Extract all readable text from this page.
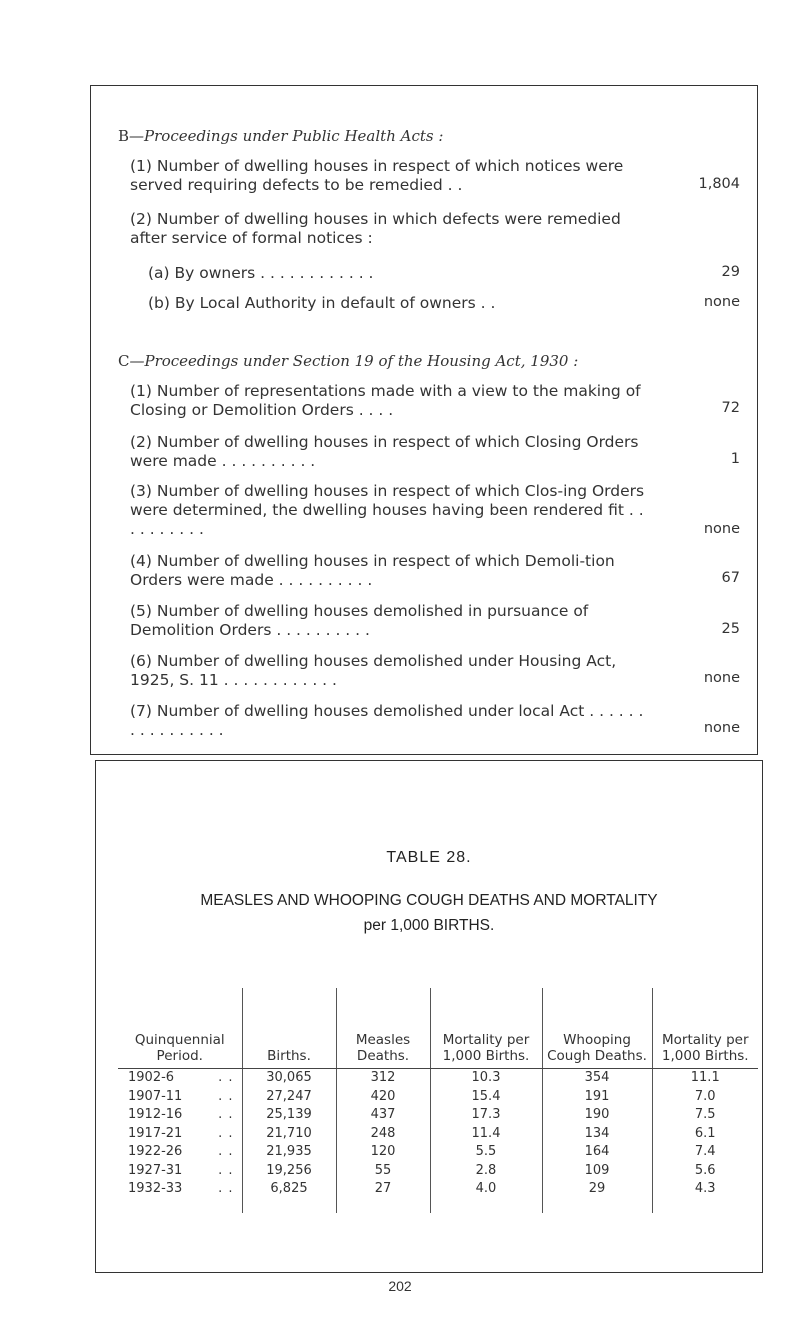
B—Proceedings under Public Health Acts :
(1) Number of dwelling houses in respect of which notices were served requiring defects to be remedied . .	1,804
(2) Number of dwelling houses in which defects were remedied after service of formal notices :
(a) By owners . . . . . . . . . . . .	29
(b) By Local Authority in default of owners . .	none
C—Proceedings under Section 19 of the Housing Act, 1930 :
(1) Number of representations made with a view to the making of Closing or Demolition Orders . . . .	72
(2) Number of dwelling houses in respect of which Closing Orders were made . . . . . . . . . .	1
(3) Number of dwelling houses in respect of which Clos-ing Orders were determined, the dwelling houses having been rendered fit . . . . . . . . . .	none
(4) Number of dwelling houses in respect of which Demoli-tion Orders were made . . . . . . . . . .	67
(5) Number of dwelling houses demolished in pursuance of Demolition Orders . . . . . . . . . .	25
(6) Number of dwelling houses demolished under Housing Act, 1925, S. 11 . . . . . . . . . . . .	none
(7) Number of dwelling houses demolished under local Act . . . . . . . . . . . . . . . .	none
TABLE 28.
MEASLES AND WHOOPING COUGH DEATHS AND MORTALITY
per 1,000 BIRTHS.
Quinquennial Period.	Births.	Measles Deaths.	Mortality per 1,000 Births.	Whooping Cough Deaths.	Mortality per 1,000 Births.
1902-6 . .	30,065	312	10.3	354	11.1
1907-11 . .	27,247	420	15.4	191	7.0
1912-16 . .	25,139	437	17.3	190	7.5
1917-21 . .	21,710	248	11.4	134	6.1
1922-26 . .	21,935	120	5.5	164	7.4
1927-31 . .	19,256	55	2.8	109	5.6
1932-33 . .	6,825	27	4.0	29	4.3
202
